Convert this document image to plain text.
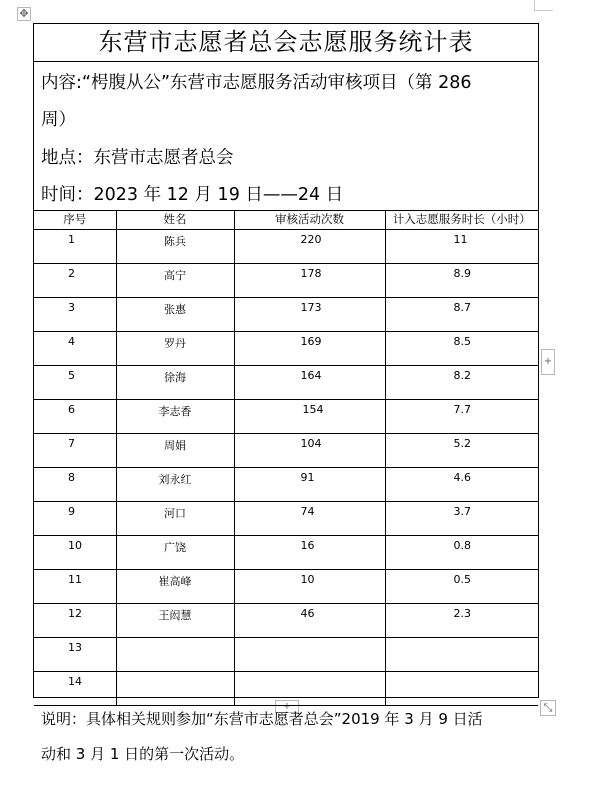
✥
+
+	⤡
东营市志愿者总会志愿服务统计表
内容:“枵腹从公”东营市志愿服务活动审核项目（第 286
周）
地点：东营市志愿者总会
时间：2023 年 12 月 19 日——24 日
序号	姓名	审核活动次数	计入志愿服务时长（小时）
1	陈兵	220	11
2	高宁	178	8.9
3	张惠	173	8.7
4	罗丹	169	8.5
5	徐海	164	8.2
6	李志香	154	7.7
7	周娟	104	5.2
8	刘永红	91	4.6
9	河口	74	3.7
10	广饶	16	0.8
11	崔高峰	10	0.5
12	王闳慧	46	2.3
13			
14			
说明：具体相关规则参加“东营市志愿者总会”2019 年 3 月 9 日活
动和 3 月 1 日的第一次活动。
